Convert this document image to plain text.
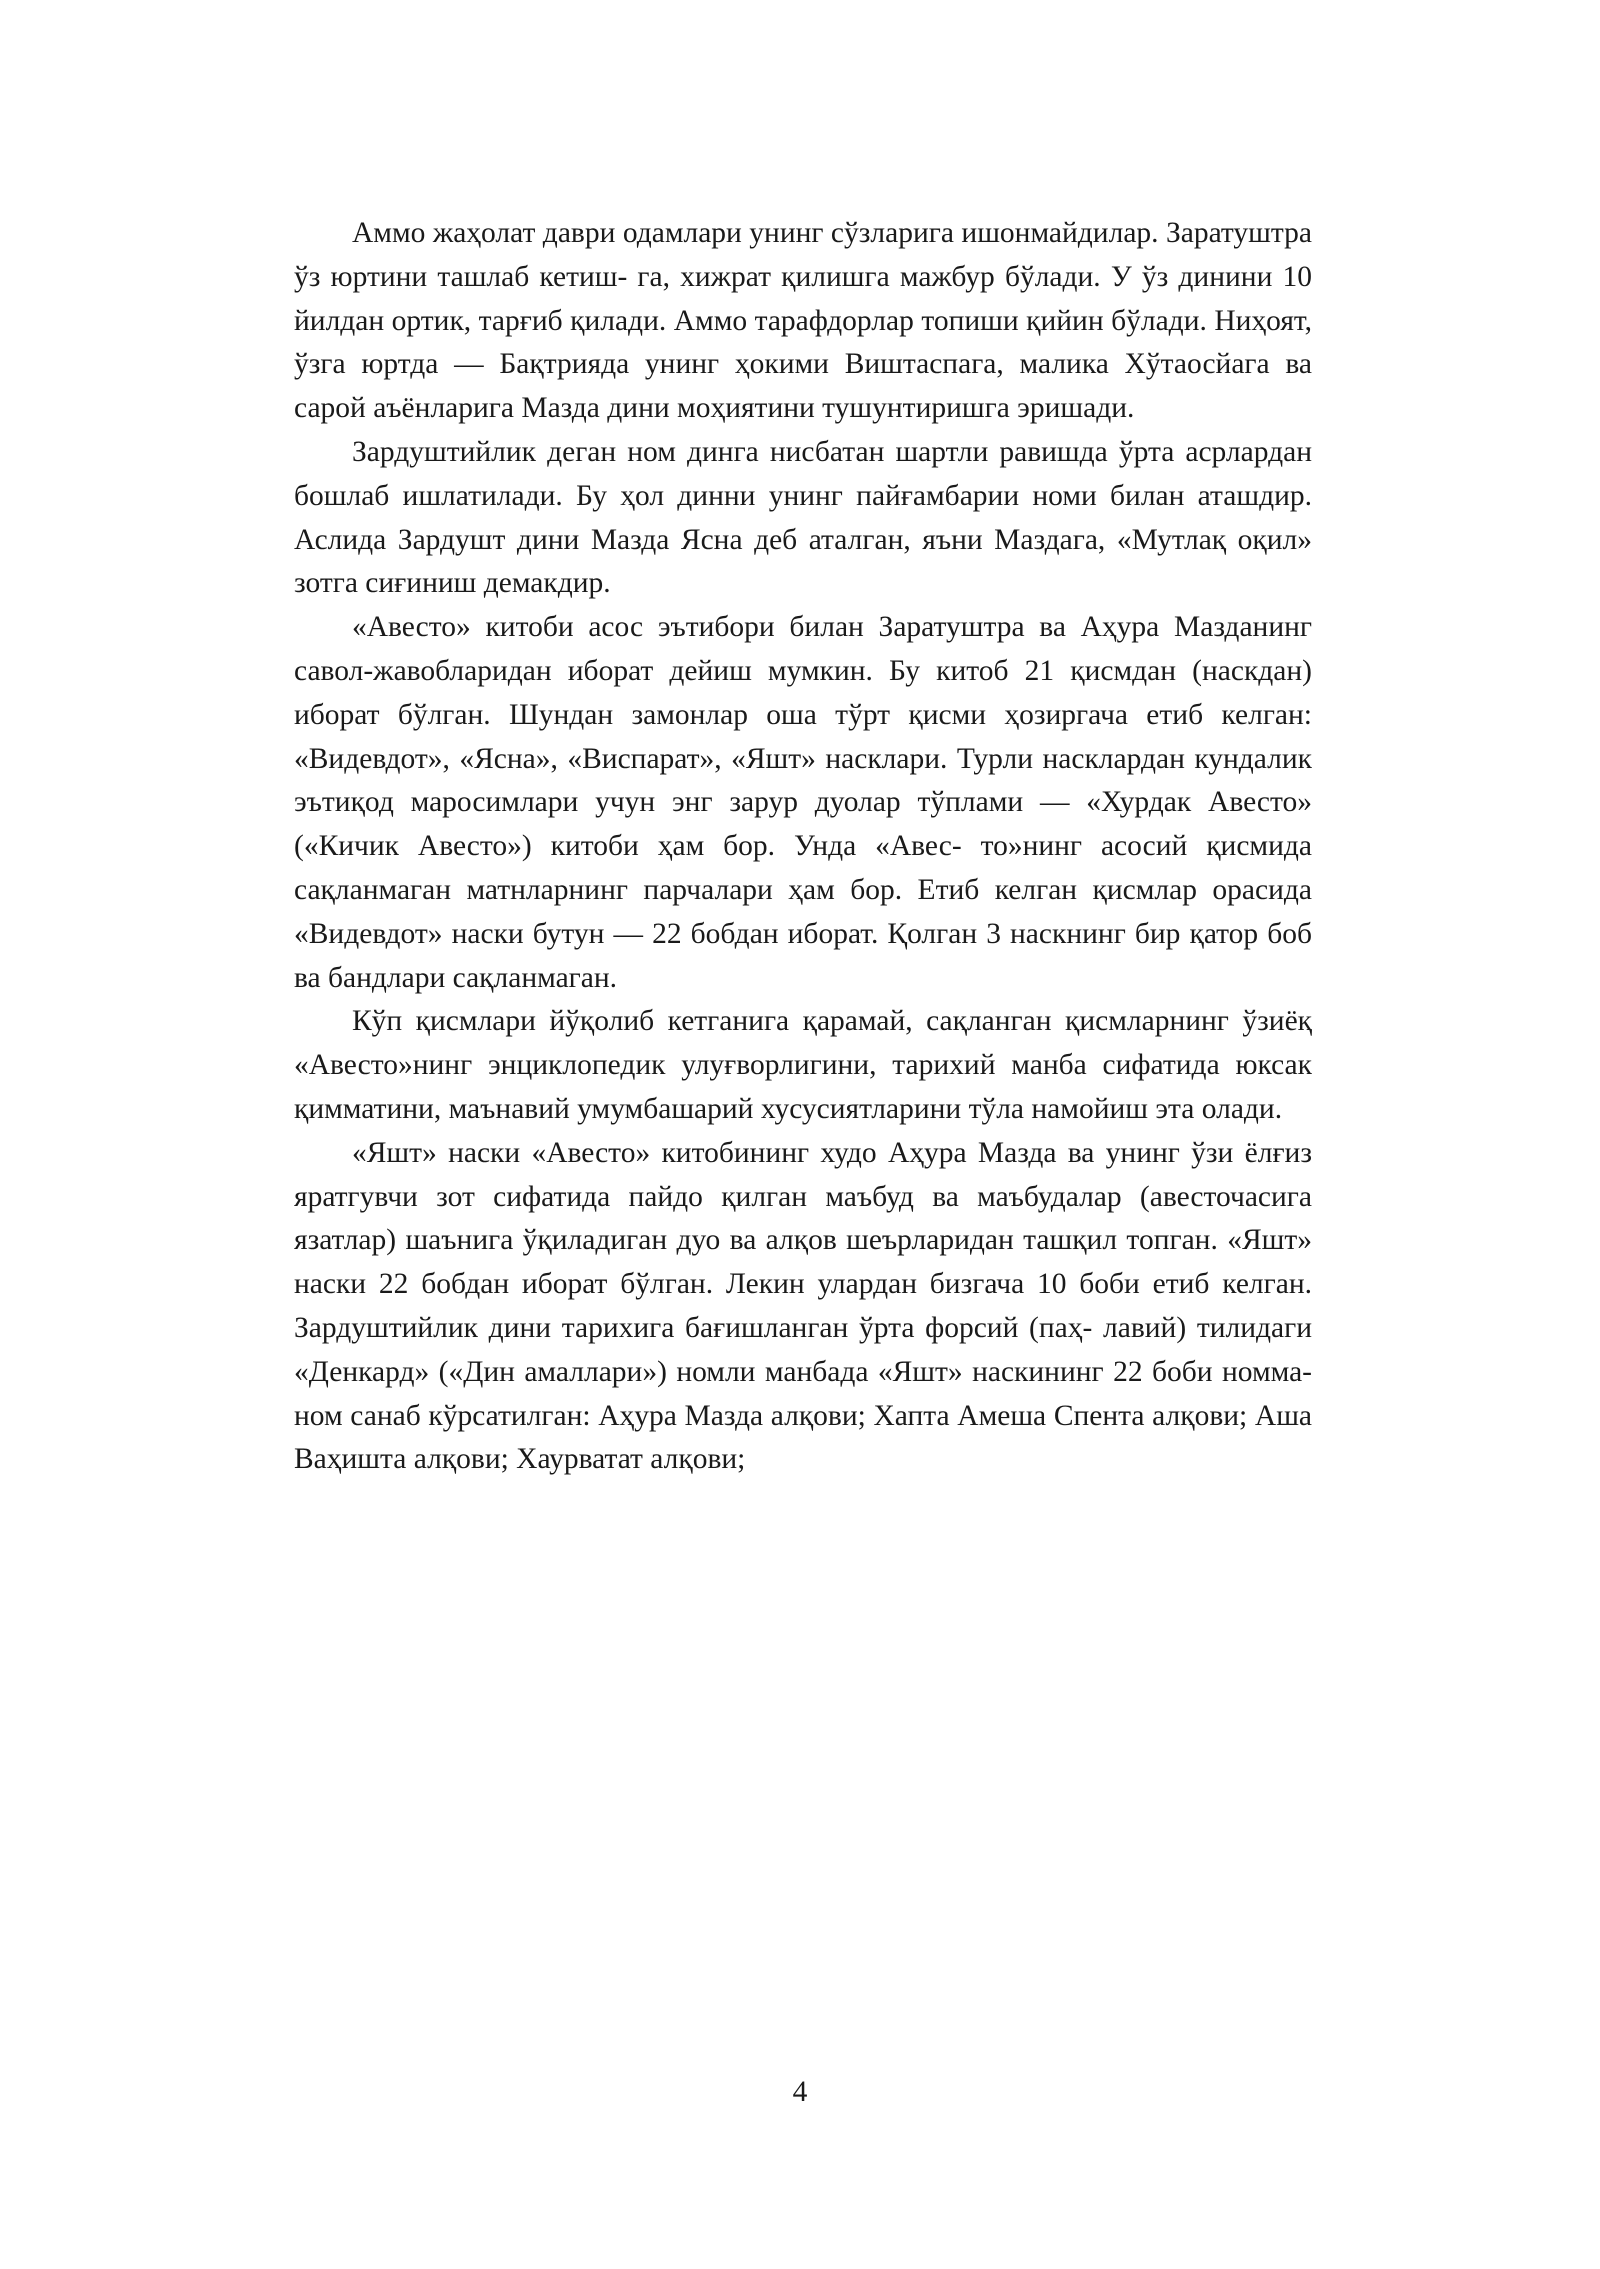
Аммо жаҳолат даври одамлари унинг сўзларига ишонмайдилар. Заратуштра ўз юртини ташлаб кетиш- га, хижрат қилишга мажбур бўлади. У ўз динини 10 йилдан ортик, тарғиб қилади. Аммо тарафдорлар топиши қийин бўлади. Ниҳоят, ўзга юртда — Бақтрияда унинг ҳокими Виштаспага, малика Хўтаосйага ва сарой аъёнларига Мазда дини моҳиятини тушунтиришга эришади.

Зардуштийлик деган ном динга нисбатан шартли равишда ўрта асрлардан бошлаб ишлатилади. Бу ҳол динни унинг пайғамбарии номи билан аташдир. Аслида Зардушт дини Мазда Ясна деб аталган, яъни Маздага, «Мутлақ оқил» зотга сиғиниш демакдир.

«Авесто» китоби асос эътибори билан Заратуштра ва Аҳура Мазданинг савол-жавобларидан иборат дейиш мумкин. Бу китоб 21 қисмдан (наскдан) иборат бўлган. Шундан замонлар оша тўрт қисми ҳозиргача етиб келган: «Видевдот», «Ясна», «Виспарат», «Яшт» насклари. Турли насклардан кундалик эътиқод маросимлари учун энг зарур дуолар тўплами — «Хурдак Авесто» («Кичик Авесто») китоби ҳам бор. Унда «Авес- то»нинг асосий қисмида сақланмаган матнларнинг парчалари ҳам бор. Етиб келган қисмлар орасида «Видевдот» наски бутун — 22 бобдан иборат. Қолган 3 наскнинг бир қатор боб ва бандлари сақланмаган.

Кўп қисмлари йўқолиб кетганига қарамай, сақланган қисмларнинг ўзиёқ «Авесто»нинг энциклопедик улуғворлигини, тарихий манба сифатида юксак қимматини, маънавий умумбашарий хусусиятларини тўла намойиш эта олади.

«Яшт» наски «Авесто» китобининг худо Аҳура Мазда ва унинг ўзи ёлғиз яратгувчи зот сифатида пайдо қилган маъбуд ва маъбудалар (авесточасига язатлар) шаънига ўқиладиган дуо ва алқов шеърларидан ташқил топган. «Яшт» наски 22 бобдан иборат бўлган. Лекин улардан бизгача 10 боби етиб келган. Зардуштийлик дини тарихига бағишланган ўрта форсий (паҳ- лавий) тилидаги «Денкард» («Дин амаллари») номли манбада «Яшт» наскининг 22 боби номма-ном санаб кўрсатилган: Аҳура Мазда алқови; Хапта Амеша Спента алқови; Аша Ваҳишта алқови; Хаурватат алқови;

4
